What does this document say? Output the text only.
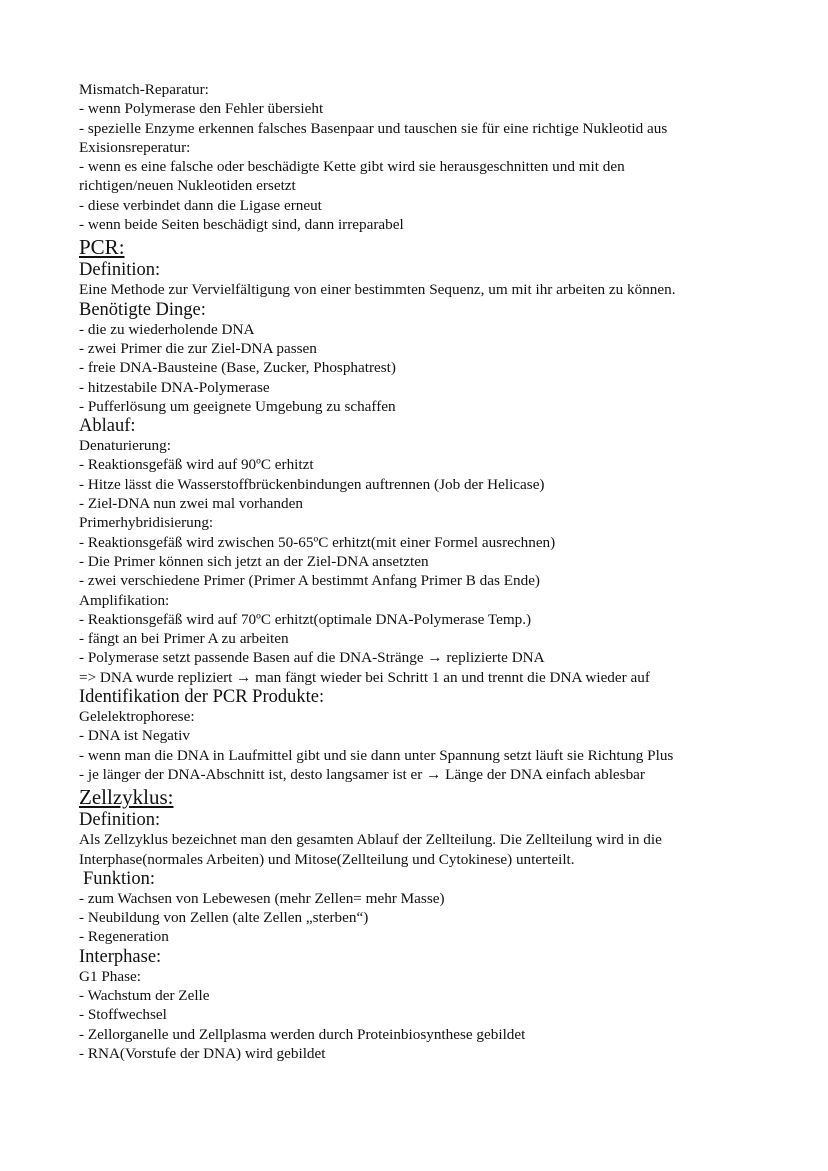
Mismatch-Reparatur:
- wenn Polymerase den Fehler übersieht
- spezielle Enzyme erkennen falsches Basenpaar und tauschen sie für eine richtige Nukleotid aus
Exisionsreperatur:
- wenn es eine falsche oder beschädigte Kette gibt wird sie herausgeschnitten und mit den
richtigen/neuen Nukleotiden ersetzt
- diese verbindet dann die Ligase erneut
- wenn beide Seiten beschädigt sind, dann irreparabel
PCR:
Definition:
Eine Methode zur Vervielfältigung von einer bestimmten Sequenz, um mit ihr arbeiten zu können.
Benötigte Dinge:
- die zu wiederholende DNA
- zwei Primer die zur Ziel-DNA passen
- freie DNA-Bausteine (Base, Zucker, Phosphatrest)
- hitzestabile DNA-Polymerase
- Pufferlösung um geeignete Umgebung zu schaffen
Ablauf:
Denaturierung:
- Reaktionsgefäß wird auf 90ºC erhitzt
- Hitze lässt die Wasserstoffbrückenbindungen auftrennen (Job der Helicase)
- Ziel-DNA nun zwei mal vorhanden
Primerhybridisierung:
- Reaktionsgefäß wird zwischen 50-65ºC erhitzt(mit einer Formel ausrechnen)
- Die Primer können sich jetzt an der Ziel-DNA ansetzten
- zwei verschiedene Primer (Primer A bestimmt Anfang Primer B das Ende)
Amplifikation:
- Reaktionsgefäß wird auf 70ºC erhitzt(optimale DNA-Polymerase Temp.)
- fängt an bei Primer A zu arbeiten
- Polymerase setzt passende Basen auf die DNA-Stränge → replizierte DNA
=> DNA wurde repliziert → man fängt wieder bei Schritt 1 an und trennt die DNA wieder auf
Identifikation der PCR Produkte:
Gelelektrophorese:
- DNA ist Negativ
- wenn man die DNA in Laufmittel gibt und sie dann unter Spannung setzt läuft sie Richtung Plus
- je länger der DNA-Abschnitt ist, desto langsamer ist er → Länge der DNA einfach ablesbar
Zellzyklus:
Definition:
Als Zellzyklus bezeichnet man den gesamten Ablauf der Zellteilung. Die Zellteilung wird in die
Interphase(normales Arbeiten) und Mitose(Zellteilung und Cytokinese) unterteilt.
Funktion:
- zum Wachsen von Lebewesen (mehr Zellen= mehr Masse)
- Neubildung von Zellen (alte Zellen „sterben“)
- Regeneration
Interphase:
G1 Phase:
- Wachstum der Zelle
- Stoffwechsel
- Zellorganelle und Zellplasma werden durch Proteinbiosynthese gebildet
- RNA(Vorstufe der DNA) wird gebildet
